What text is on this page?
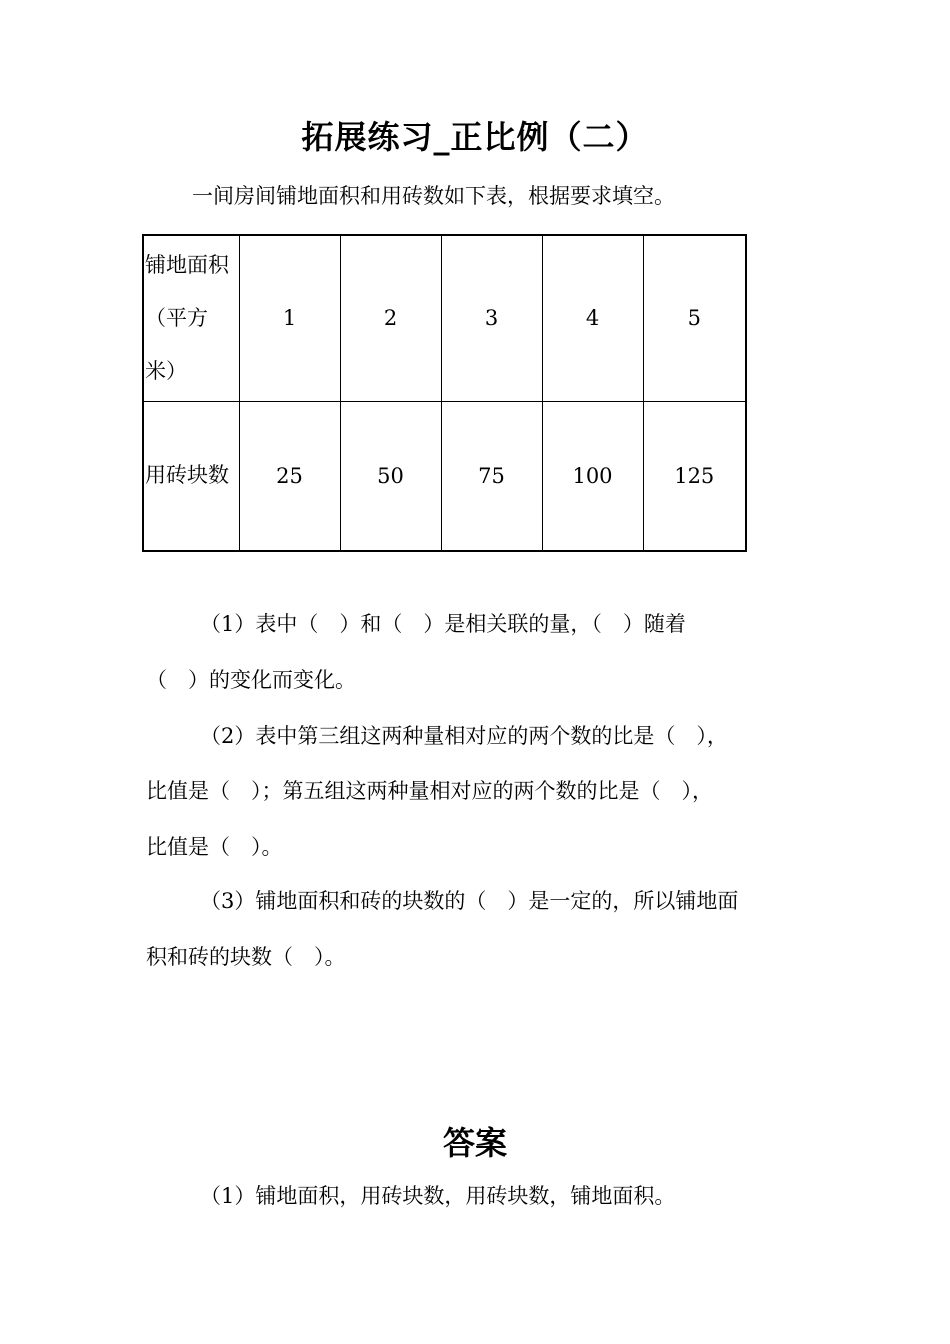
拓展练习_正比例（二）

一间房间铺地面积和用砖数如下表，根据要求填空。

铺地面积
（平方
米）	1	2	3	4	5
用砖块数	25	50	75	100	125

（1）表中（　）和（　）是相关联的量，（　）随着

（　）的变化而变化。

（2）表中第三组这两种量相对应的两个数的比是（　），

比值是（　）；第五组这两种量相对应的两个数的比是（　），

比值是（　）。

（3）铺地面积和砖的块数的（　）是一定的，所以铺地面

积和砖的块数（　）。

答案

（1）铺地面积，用砖块数，用砖块数，铺地面积。
